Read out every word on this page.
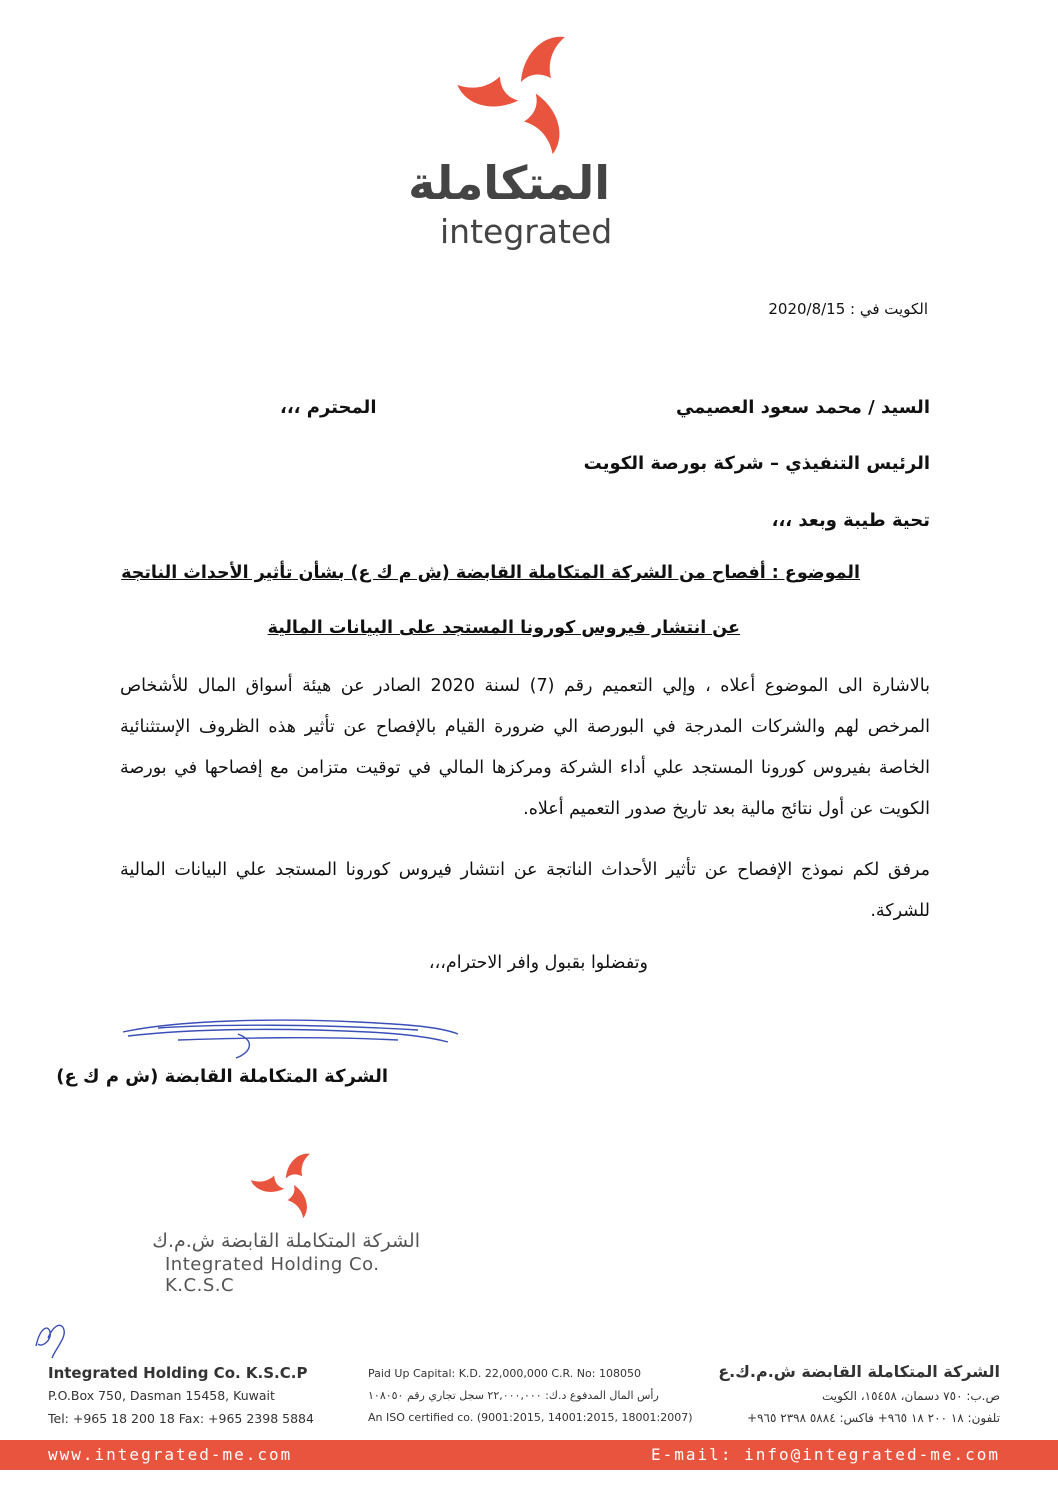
المتكاملة
integrated
الكويت في : 2020/8/15
السيد / محمد سعود العصيمي
المحترم ،،،
الرئيس التنفيذي – شركة بورصة الكويت
تحية طيبة وبعد ،،،
الموضوع : أفصاح من الشركة المتكاملة القابضة (ش م ك ع) بشأن تأثير الأحداث الناتجة
عن انتشار فيروس كورونا المستجد على البيانات المالية
بالاشارة الى الموضوع أعلاه ، وإلي التعميم رقم (7) لسنة 2020 الصادر عن هيئة أسواق المال للأشخاص المرخص لهم والشركات المدرجة في البورصة الي ضرورة القيام بالإفصاح عن تأثير هذه الظروف الإستثنائية الخاصة بفيروس كورونا المستجد علي أداء الشركة ومركزها المالي في توقيت متزامن مع إفصاحها في بورصة الكويت عن أول نتائج مالية بعد تاريخ صدور التعميم أعلاه.
مرفق لكم نموذج الإفصاح عن تأثير الأحداث الناتجة عن انتشار فيروس كورونا المستجد علي البيانات المالية للشركة.
وتفضلوا بقبول وافر الاحترام،،،
الشركة المتكاملة القابضة (ش م ك ع)
الشركة المتكاملة القابضة ش.م.ك
Integrated Holding Co. K.C.S.C
Integrated Holding Co. K.S.C.P
P.O.Box 750, Dasman 15458, Kuwait
Tel: +965 18 200 18 Fax: +965 2398 5884
Paid Up Capital: K.D. 22,000,000 C.R. No: 108050
رأس المال المدفوع د.ك: ٢٢,٠٠٠,٠٠٠ سجل تجاري رقم ١٠٨٠٥٠
An ISO certified co. (9001:2015, 14001:2015, 18001:2007)
الشركة المتكاملة القابضة ش.م.ك.ع
ص.ب: ٧٥٠ دسمان، ١٥٤٥٨، الكويت
تلفون: ١٨ ٢٠٠ ١٨ ٩٦٥+ فاكس: ٥٨٨٤ ٢٣٩٨ ٩٦٥+
www.integrated-me.com	E-mail: info@integrated-me.com
